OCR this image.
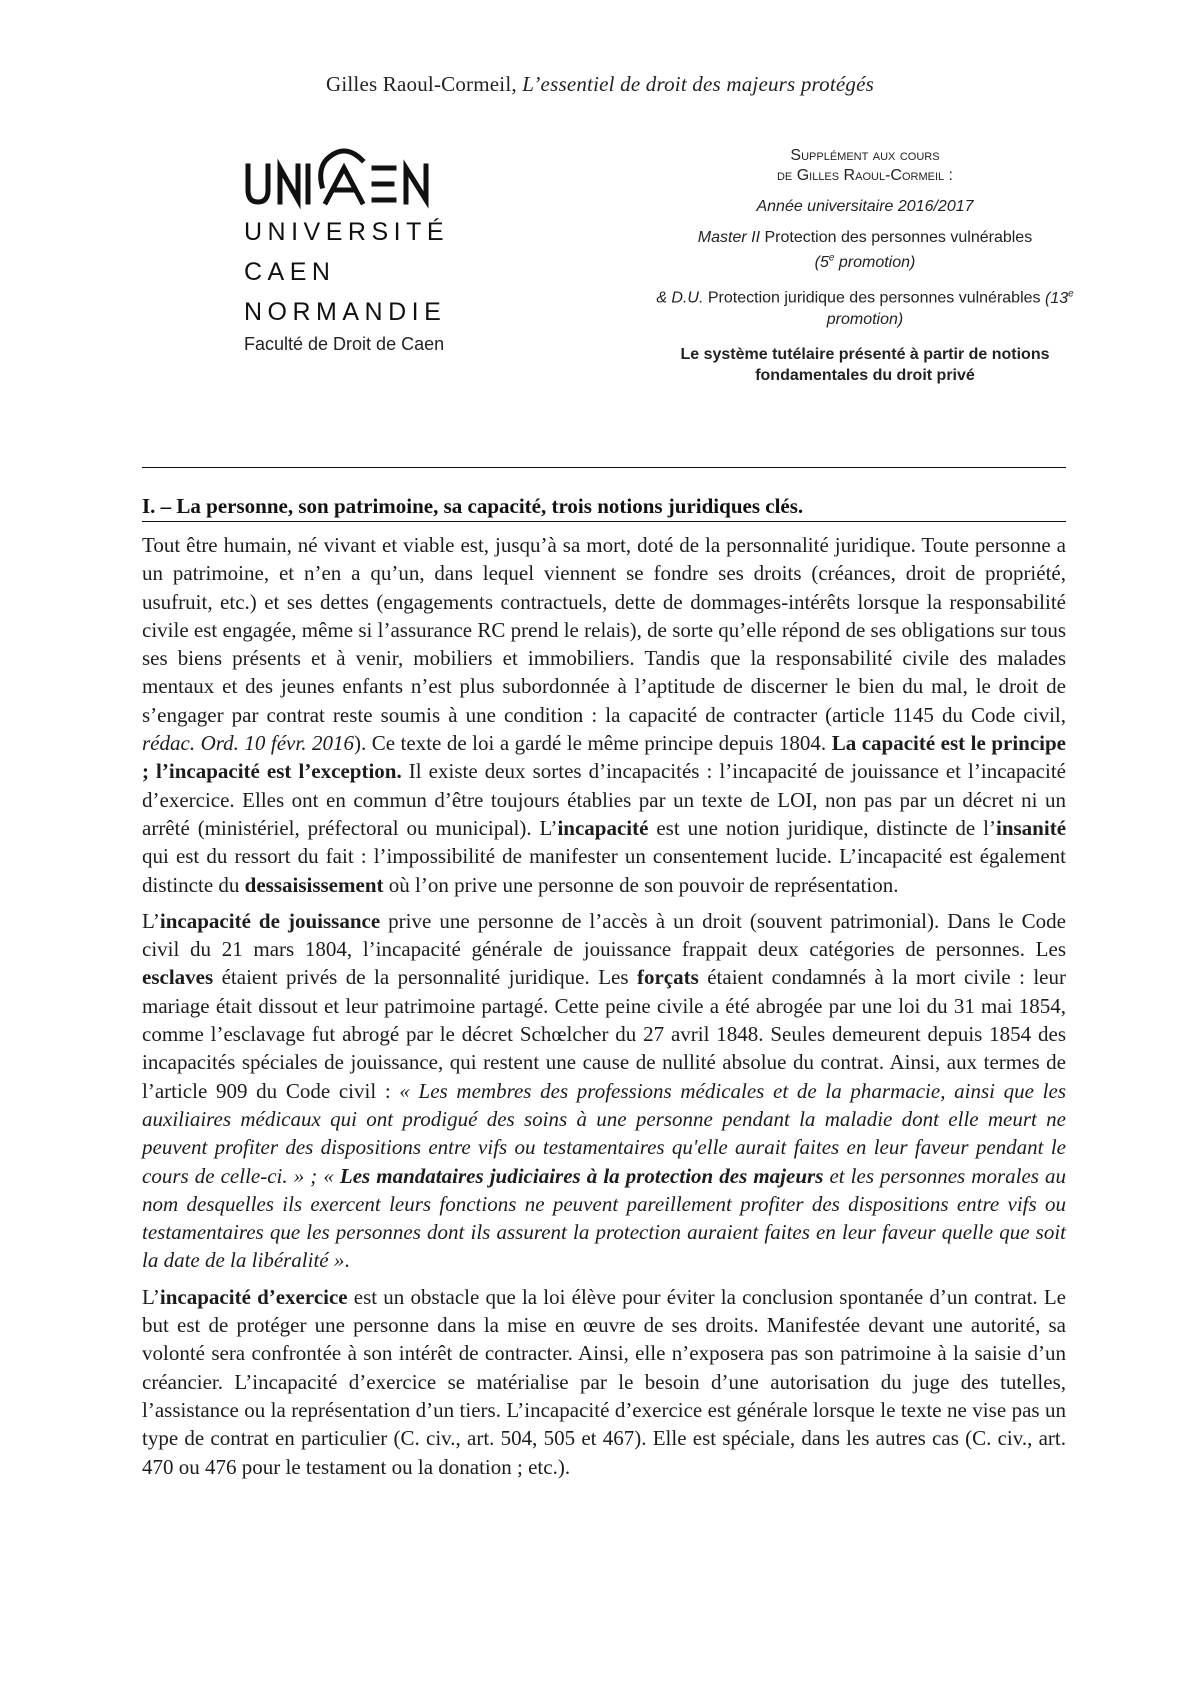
Gilles Raoul-Cormeil, L’essentiel de droit des majeurs protégés
UNIVERSITÉ
CAEN
NORMANDIE
Faculté de Droit de Caen
Supplément aux cours
de Gilles Raoul-Cormeil :
Année universitaire 2016/2017
Master II Protection des personnes vulnérables
(5e promotion)
& D.U. Protection juridique des personnes vulnérables (13e promotion)
Le système tutélaire présenté à partir de notions fondamentales du droit privé
I. – La personne, son patrimoine, sa capacité, trois notions juridiques clés.

Tout être humain, né vivant et viable est, jusqu’à sa mort, doté de la personnalité juridique. Toute personne a un patrimoine, et n’en a qu’un, dans lequel viennent se fondre ses droits (créances, droit de propriété, usufruit, etc.) et ses dettes (engagements contractuels, dette de dommages-intérêts lorsque la responsabilité civile est engagée, même si l’assurance RC prend le relais), de sorte qu’elle répond de ses obligations sur tous ses biens présents et à venir, mobiliers et immobiliers. Tandis que la responsabilité civile des malades mentaux et des jeunes enfants n’est plus subordonnée à l’aptitude de discerner le bien du mal, le droit de s’engager par contrat reste soumis à une condition : la capacité de contracter (article 1145 du Code civil, rédac. Ord. 10 févr. 2016). Ce texte de loi a gardé le même principe depuis 1804. La capacité est le principe ; l’incapacité est l’exception. Il existe deux sortes d’incapacités : l’incapacité de jouissance et l’incapacité d’exercice. Elles ont en commun d’être toujours établies par un texte de LOI, non pas par un décret ni un arrêté (ministériel, préfectoral ou municipal). L’incapacité est une notion juridique, distincte de l’insanité qui est du ressort du fait : l’impossibilité de manifester un consentement lucide. L’incapacité est également distincte du dessaisissement où l’on prive une personne de son pouvoir de représentation.

L’incapacité de jouissance prive une personne de l’accès à un droit (souvent patrimonial). Dans le Code civil du 21 mars 1804, l’incapacité générale de jouissance frappait deux catégories de personnes. Les esclaves étaient privés de la personnalité juridique. Les forçats étaient condamnés à la mort civile : leur mariage était dissout et leur patrimoine partagé. Cette peine civile a été abrogée par une loi du 31 mai 1854, comme l’esclavage fut abrogé par le décret Schœlcher du 27 avril 1848. Seules demeurent depuis 1854 des incapacités spéciales de jouissance, qui restent une cause de nullité absolue du contrat. Ainsi, aux termes de l’article 909 du Code civil : « Les membres des professions médicales et de la pharmacie, ainsi que les auxiliaires médicaux qui ont prodigué des soins à une personne pendant la maladie dont elle meurt ne peuvent profiter des dispositions entre vifs ou testamentaires qu'elle aurait faites en leur faveur pendant le cours de celle-ci. » ; « Les mandataires judiciaires à la protection des majeurs et les personnes morales au nom desquelles ils exercent leurs fonctions ne peuvent pareillement profiter des dispositions entre vifs ou testamentaires que les personnes dont ils assurent la protection auraient faites en leur faveur quelle que soit la date de la libéralité ».

L’incapacité d’exercice est un obstacle que la loi élève pour éviter la conclusion spontanée d’un contrat. Le but est de protéger une personne dans la mise en œuvre de ses droits. Manifestée devant une autorité, sa volonté sera confrontée à son intérêt de contracter. Ainsi, elle n’exposera pas son patrimoine à la saisie d’un créancier. L’incapacité d’exercice se matérialise par le besoin d’une autorisation du juge des tutelles, l’assistance ou la représentation d’un tiers. L’incapacité d’exercice est générale lorsque le texte ne vise pas un type de contrat en particulier (C. civ., art. 504, 505 et 467). Elle est spéciale, dans les autres cas (C. civ., art. 470 ou 476 pour le testament ou la donation ; etc.).
